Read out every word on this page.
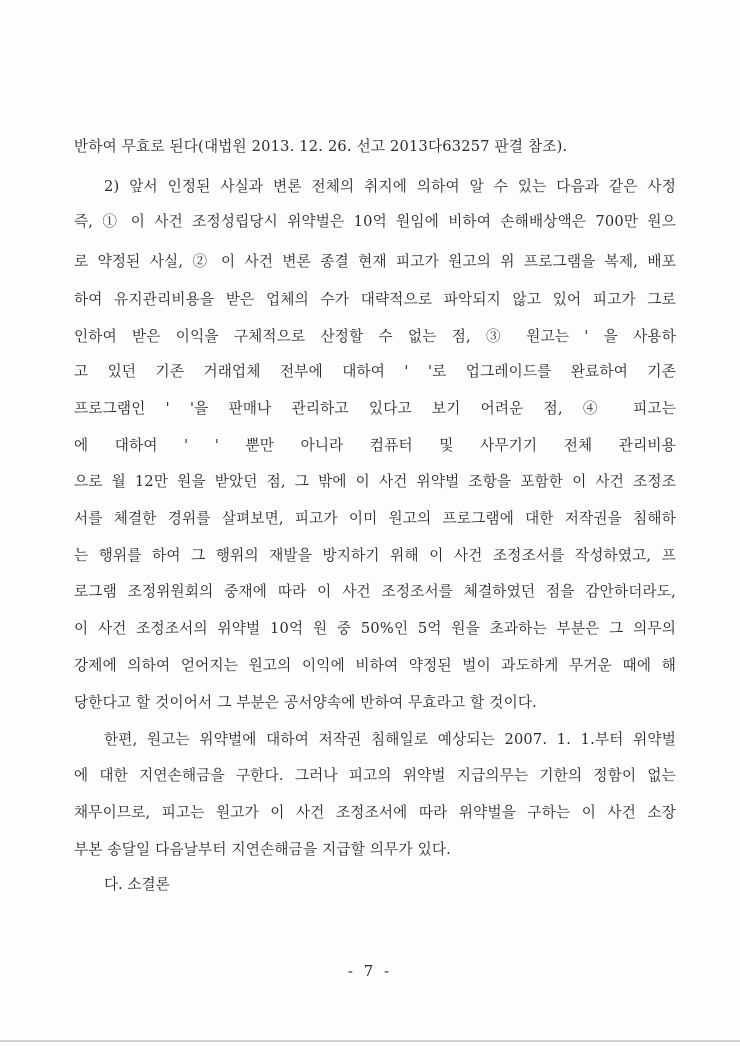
반하여 무효로 된다(대법원 2013. 12. 26. 선고 2013다63257 판결 참조).
2) 앞서 인정된 사실과 변론 전체의 취지에 의하여 알 수 있는 다음과 같은 사정
즉, ① 이 사건 조정성립당시 위약벌은 10억 원임에 비하여 손해배상액은 700만 원으
로 약정된 사실, ② 이 사건 변론 종결 현재 피고가 원고의 위 프로그램을 복제, 배포
하여 유지관리비용을 받은 업체의 수가 대략적으로 파악되지 않고 있어 피고가 그로
인하여 받은 이익을 구체적으로 산정할 수 없는 점, ③ 원고는 ' 을 사용하
고 있던 기존 거래업체 전부에 대하여 ' '로 업그레이드를 완료하여 기존
프로그램인 ' '을 판매나 관리하고 있다고 보기 어려운 점, ④ 피고는
에 대하여 ' ' 뿐만 아니라 컴퓨터 및 사무기기 전체 관리비용
으로 월 12만 원을 받았던 점, 그 밖에 이 사건 위약벌 조항을 포함한 이 사건 조정조
서를 체결한 경위를 살펴보면, 피고가 이미 원고의 프로그램에 대한 저작권을 침해하
는 행위를 하여 그 행위의 재발을 방지하기 위해 이 사건 조정조서를 작성하였고, 프
로그램 조정위원회의 중재에 따라 이 사건 조정조서를 체결하였던 점을 감안하더라도,
이 사건 조정조서의 위약벌 10억 원 중 50%인 5억 원을 초과하는 부분은 그 의무의
강제에 의하여 얻어지는 원고의 이익에 비하여 약정된 벌이 과도하게 무거운 때에 해
당한다고 할 것이어서 그 부분은 공서양속에 반하여 무효라고 할 것이다.
한편, 원고는 위약벌에 대하여 저작권 침해일로 예상되는 2007. 1. 1.부터 위약벌
에 대한 지연손해금을 구한다. 그러나 피고의 위약벌 지급의무는 기한의 정함이 없는
채무이므로, 피고는 원고가 이 사건 조정조서에 따라 위약벌을 구하는 이 사건 소장
부본 송달일 다음날부터 지연손해금을 지급할 의무가 있다.
다. 소결론
- 7 -
